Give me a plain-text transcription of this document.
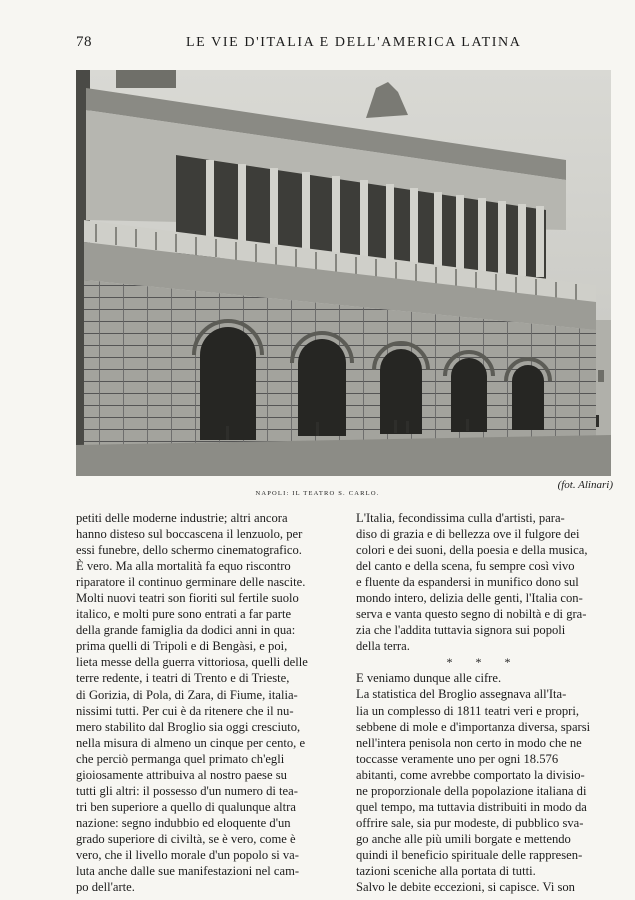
78	LE VIE D'ITALIA E DELL'AMERICA LATINA
(fot. Alinari)
NAPOLI: IL TEATRO S. CARLO.
petiti delle moderne industrie; altri ancora
hanno disteso sul boccascena il lenzuolo, per
essi funebre, dello schermo cinematografico.
È vero. Ma alla mortalità fa equo riscontro
riparatore il continuo germinare delle nascite.
Molti nuovi teatri son fioriti sul fertile suolo
italico, e molti pure sono entrati a far parte
della grande famiglia da dodici anni in qua:
prima quelli di Tripoli e di Bengàsi, e poi,
lieta messe della guerra vittoriosa, quelli delle
terre redente, i teatri di Trento e di Trieste,
di Gorizia, di Pola, di Zara, di Fiume, italia-
nissimi tutti. Per cui è da ritenere che il nu-
mero stabilito dal Broglio sia oggi cresciuto,
nella misura di almeno un cinque per cento, e
che perciò permanga quel primato ch'egli
gioiosamente attribuiva al nostro paese su
tutti gli altri: il possesso d'un numero di tea-
tri ben superiore a quello di qualunque altra
nazione: segno indubbio ed eloquente d'un
grado superiore di civiltà, se è vero, come è
vero, che il livello morale d'un popolo si va-
luta anche dalle sue manifestazioni nel cam-
po dell'arte.
L'Italia, fecondissima culla d'artisti, para-
diso di grazia e di bellezza ove il fulgore dei
colori e dei suoni, della poesia e della musica,
del canto e della scena, fu sempre così vivo
e fluente da espandersi in munifico dono sul
mondo intero, delizia delle genti, l'Italia con-
serva e vanta questo segno di nobiltà e di gra-
zia che l'addita tuttavia signora sui popoli
della terra.
* * *
E veniamo dunque alle cifre.
La statistica del Broglio assegnava all'Ita-
lia un complesso di 1811 teatri veri e propri,
sebbene di mole e d'importanza diversa, sparsi
nell'intera penisola non certo in modo che ne
toccasse veramente uno per ogni 18.576
abitanti, come avrebbe comportato la divisio-
ne proporzionale della popolazione italiana di
quel tempo, ma tuttavia distribuiti in modo da
offrire sale, sia pur modeste, di pubblico sva-
go anche alle più umili borgate e mettendo
quindi il beneficio spirituale delle rappresen-
tazioni sceniche alla portata di tutti.
Salvo le debite eccezioni, si capisce. Vi son
